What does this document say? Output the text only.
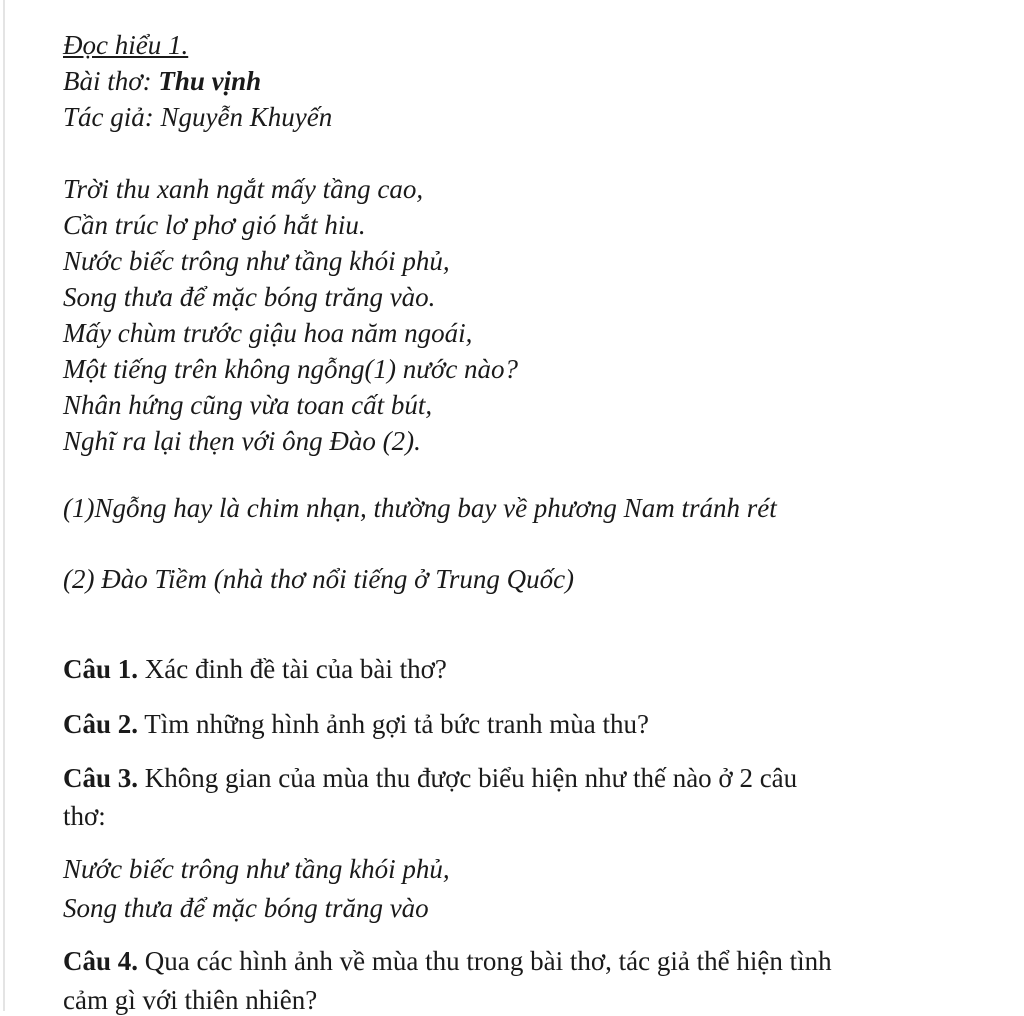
Đọc hiểu 1.
Bài thơ: Thu vịnh
Tác giả: Nguyễn Khuyến
Trời thu xanh ngắt mấy tầng cao,
Cần trúc lơ phơ gió hắt hiu.
Nước biếc trông như tầng khói phủ,
Song thưa để mặc bóng trăng vào.
Mấy chùm trước giậu hoa năm ngoái,
Một tiếng trên không ngỗng(1) nước nào?
Nhân hứng cũng vừa toan cất bút,
Nghĩ ra lại thẹn với ông Đào (2).
(1)Ngỗng hay là chim nhạn, thường bay về phương Nam tránh rét
(2) Đào Tiềm (nhà thơ nổi tiếng ở Trung Quốc)
Câu 1. Xác đinh đề tài của bài thơ?
Câu 2. Tìm những hình ảnh gợi tả bức tranh mùa thu?
Câu 3. Không gian của mùa thu được biểu hiện như thế nào ở 2 câu
thơ:
Nước biếc trông như tầng khói phủ,
Song thưa để mặc bóng trăng vào
Câu 4. Qua các hình ảnh về mùa thu trong bài thơ, tác giả thể hiện tình
cảm gì với thiên nhiên?
